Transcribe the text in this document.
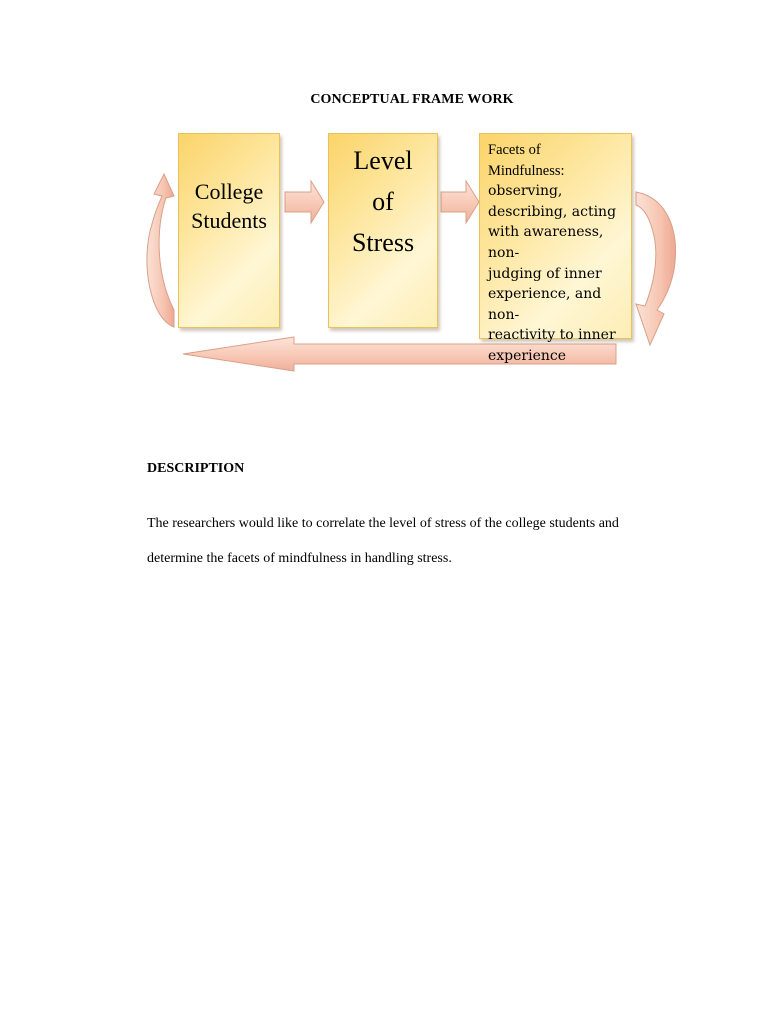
CONCEPTUAL FRAME WORK
College
Students
Level
of
Stress
Facets of
Mindfulness:
observing,
describing, acting
with awareness, non-
judging of inner
experience, and non-
reactivity to inner
experience
DESCRIPTION
The researchers would like to correlate the level of stress of the college students and
determine the facets of mindfulness in handling stress.
